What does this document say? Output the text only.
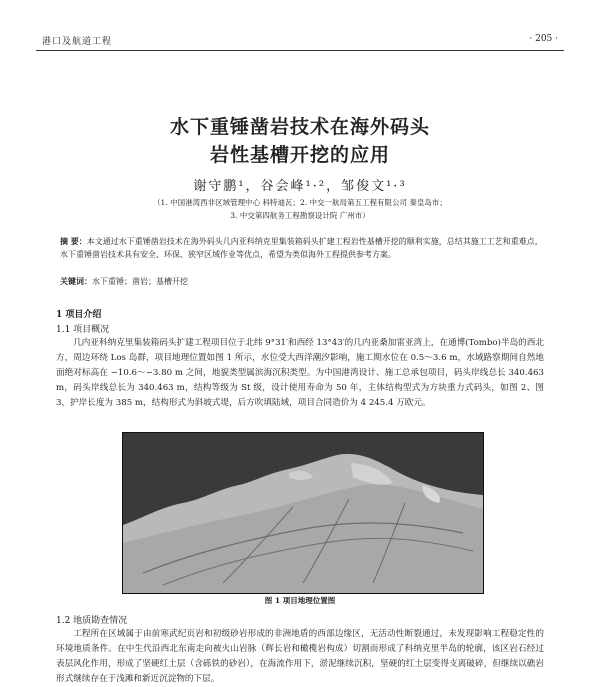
港口及航道工程	· 205 ·
水下重锤凿岩技术在海外码头
岩性基槽开挖的应用
谢守鹏¹，谷会峰¹·²，邹俊文¹·³
（1. 中国港湾西非区域管理中心 科特迪瓦；2. 中交一航局第五工程有限公司 秦皇岛市；
3. 中交第四航务工程勘察设计院 广州市）
摘 要：本文通过水下重锤凿岩技术在海外码头几内亚科纳克里集装箱码头扩建工程岩性基槽开挖的顺利实施，总结其施工工艺和重难点，水下重锤凿岩技术具有安全、环保、狭窄区域作业等优点，希望为类似海外工程提供参考方案。
关键词：水下重锤；凿岩；基槽开挖
1 项目介绍
1.1 项目概况
几内亚科纳克里集装箱码头扩建工程项目位于北纬 9°31′和西经 13°43′的几内亚桑加雷亚湾上，在通博(Tombo)半岛的西北方，周边环绕 Los 岛群，项目地理位置如图 1 所示，水位受大西洋潮汐影响，施工期水位在 0.5～3.6 m，水域路察期间自然地面绝对标高在 −10.6～−3.80 m 之间，地貌类型属滨海沉积类型。为中国港湾设计、施工总承包项目，码头岸线总长 340.463 m，码头岸线总长为 340.463 m，结构等级为 St 级，设计使用寿命为 50 年，主体结构型式为方块重力式码头，如图 2、图 3，护岸长度为 385 m，结构形式为斜坡式堤，后方吹填陆域，项目合同造价为 4 245.4 万欧元。
图 1 项目地理位置图
1.2 地质勘查情况
工程所在区域属于由前寒武纪页岩和初级砂岩形成的非洲地盾的西部边缘区，无活动性断裂通过，未发现影响工程稳定性的环境地质条件。在中生代沿西北东南走向被火山岩脉（辉长岩和橄榄岩构成）切割而形成了科纳克里半岛的轮廓，该区岩石经过表层风化作用，形成了坚硬红土层（含砾铁的砂岩），在海流作用下，淤泥继续沉积，坚硬的红土层变得支离破碎，但继续以礁岩形式继续存在于浅滩和新近沉淀物的下层。
